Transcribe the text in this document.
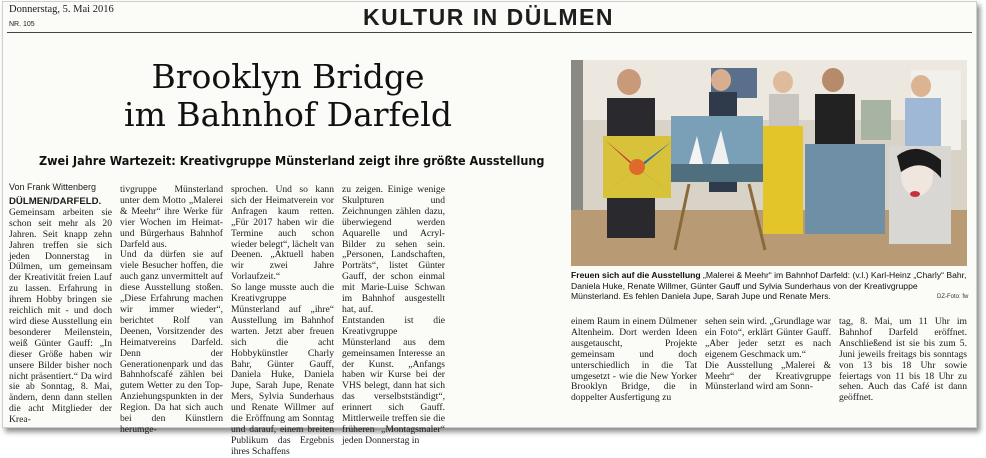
Donnerstag, 5. Mai 2016
NR. 105	KULTUR IN DÜLMEN
Brooklyn Bridge
im Bahnhof Darfeld
Zwei Jahre Wartezeit: Kreativgruppe Münsterland zeigt ihre größte Ausstellung
Von Frank Wittenberg
DÜLMEN/DARFELD. Gemeinsam arbeiten sie schon seit mehr als 20 Jahren. Seit knapp zehn Jahren treffen sie sich jeden Donnerstag in Dülmen, um gemeinsam der Kreativität freien Lauf zu lassen. Erfahrung in ihrem Hobby bringen sie reichlich mit - und doch wird diese Ausstellung ein besonderer Meilenstein, weiß Günter Gauff: „In dieser Größe haben wir unsere Bilder bisher noch nicht präsentiert.“ Da wird sie ab Sonntag, 8. Mai, ändern, denn dann stellen die acht Mitglieder der Krea-
tivgruppe Münsterland unter dem Motto „Malerei & Meehr“ ihre Werke für vier Wochen im Heimat- und Bürgerhaus Bahnhof Darfeld aus.
Und da dürfen sie auf viele Besucher hoffen, die auch ganz unvermittelt auf diese Ausstellung stoßen. „Diese Erfahrung machen wir immer wieder“, berichtet Rolf van Deenen, Vorsitzender des Heimatvereins Darfeld. Denn der Generationenpark und das Bahnhofscafé zählen bei gutem Wetter zu den Top-Anziehungspunkten in der Region. Da hat sich auch bei den Künstlern herumge-
sprochen. Und so kann sich der Heimatverein vor Anfragen kaum retten. „Für 2017 haben wir die Termine auch schon wieder belegt“, lächelt van Deenen. „Aktuell haben wir zwei Jahre Vorlaufzeit.“
So lange musste auch die Kreativgruppe Münsterland auf „ihre“ Ausstellung im Bahnhof warten. Jetzt aber freuen sich die acht Hobbykünstler Charly Bahr, Günter Gauff, Daniela Huke, Daniela Jupe, Sarah Jupe, Renate Mers, Sylvia Sunderhaus und Renate Willmer auf die Eröffnung am Sonntag und darauf, einem breiten Publikum das Ergebnis ihres Schaffens
zu zeigen. Einige wenige Skulpturen und Zeichnungen zählen dazu, überwiegend werden Aquarelle und Acryl-Bilder zu sehen sein. „Personen, Landschaften, Porträts“, listet Günter Gauff, der schon einmal mit Marie-Luise Schwan im Bahnhof ausgestellt hat, auf.
Entstanden ist die Kreativgruppe Münsterland aus dem gemeinsamen Interesse an der Kunst. „Anfangs haben wir Kurse bei der VHS belegt, dann hat sich das verselbstständigt“, erinnert sich Gauff. Mittlerweile treffen sie die früheren „Montagsmaler“ jeden Donnerstag in
einem Raum in einem Dülmener Altenheim. Dort werden Ideen ausgetauscht, Projekte gemeinsam und doch unterschiedlich in die Tat umgesetzt - wie die New Yorker Brooklyn Bridge, die in doppelter Ausfertigung zu
sehen sein wird. „Grundlage war ein Foto“, erklärt Günter Gauff. „Aber jeder setzt es nach eigenem Geschmack um.“
Die Ausstellung „Malerei & Meehr“ der Kreativgruppe Münsterland wird am Sonn-
tag, 8. Mai, um 11 Uhr im Bahnhof Darfeld eröffnet. Anschließend ist sie bis zum 5. Juni jeweils freitags bis sonntags von 13 bis 18 Uhr sowie feiertags von 11 bis 18 Uhr zu sehen. Auch das Café ist dann geöffnet.
Freuen sich auf die Ausstellung „Malerei & Meehr“ im Bahnhof Darfeld: (v.l.) Karl-Heinz „Charly“ Bahr, Daniela Huke, Renate Willmer, Günter Gauff und Sylvia Sunderhaus von der Kreativgruppe Münsterland. Es fehlen Daniela Jupe, Sarah Jupe und Renate Mers.	DZ-Foto: fw
